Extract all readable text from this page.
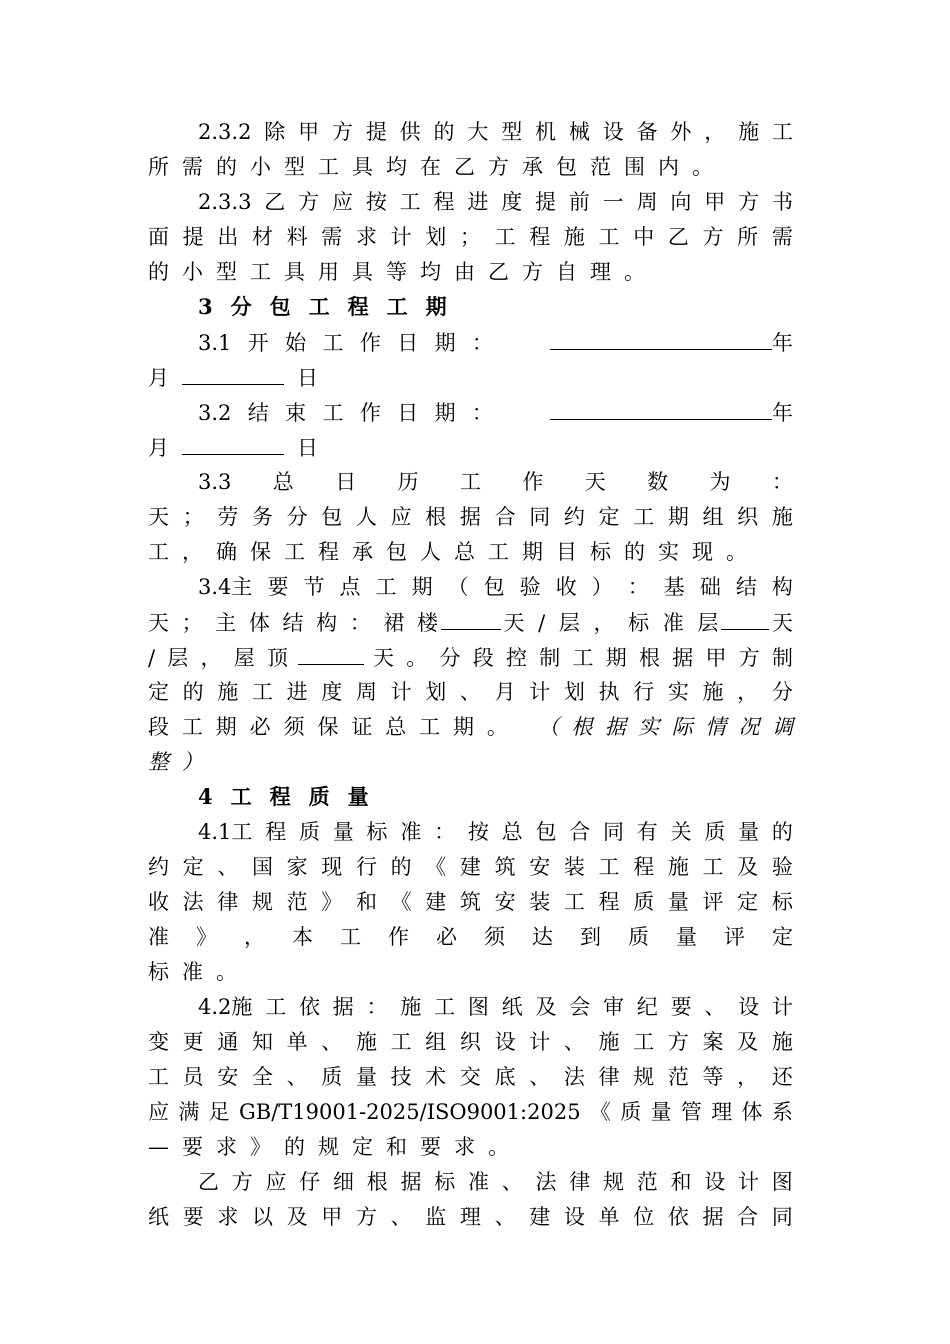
2.3.2 除 甲 方 提 供 的 大 型 机 械 设 备 外 ， 施 工
所 需 的 小 型 工 具 均 在 乙 方 承 包 范 围 内 。
2.3.3 乙 方 应 按 工 程 进 度 提 前 一 周 向 甲 方 书
面 提 出 材 料 需 求 计 划 ； 工 程 施 工 中 乙 方 所 需
的 小 型 工 具 用 具 等 均 由 乙 方 自 理 。
3 分 包 工 程 工 期
3.1 开 始 工 作 日 期 ：	年
月	日
3.2 结 束 工 作 日 期 ：	年
月	日
3.3 总 日 历 工 作 天 数 为 ：
天 ； 劳 务 分 包 人 应 根 据 合 同 约 定 工 期 组 织 施
工 ， 确 保 工 程 承 包 人 总 工 期 目 标 的 实 现 。
3.4主 要 节 点 工 期 （ 包 验 收 ） ： 基 础 结 构
天 ； 主 体 结 构 ： 裙 楼	天 / 层 ， 标 准 层	天
/ 层 ， 屋 顶	天 。 分 段 控 制 工 期 根 据 甲 方 制
定 的 施 工 进 度 周 计 划 、 月 计 划 执 行 实 施 ， 分
段 工 期 必 须 保 证 总 工 期 。 （ 根 据 实 际 情 况 调
整 ）
4 工 程 质 量
4.1工 程 质 量 标 准 ： 按 总 包 合 同 有 关 质 量 的
约 定 、 国 家 现 行 的 《 建 筑 安 装 工 程 施 工 及 验
收 法 律 规 范 》 和 《 建 筑 安 装 工 程 质 量 评 定 标
准 》 ， 本 工 作 必 须 达 到 质 量 评 定
标 准 。
4.2施 工 依 据 ： 施 工 图 纸 及 会 审 纪 要 、 设 计
变 更 通 知 单 、 施 工 组 织 设 计 、 施 工 方 案 及 施
工 员 安 全 、 质 量 技 术 交 底 、 法 律 规 范 等 ， 还
应 满 足 GB/T19001-2025/ISO9001:2025 《 质 量 管 理 体 系
— 要 求 》 的 规 定 和 要 求 。
乙 方 应 仔 细 根 据 标 准 、 法 律 规 范 和 设 计 图
纸 要 求 以 及 甲 方 、 监 理 、 建 设 单 位 依 据 合 同
